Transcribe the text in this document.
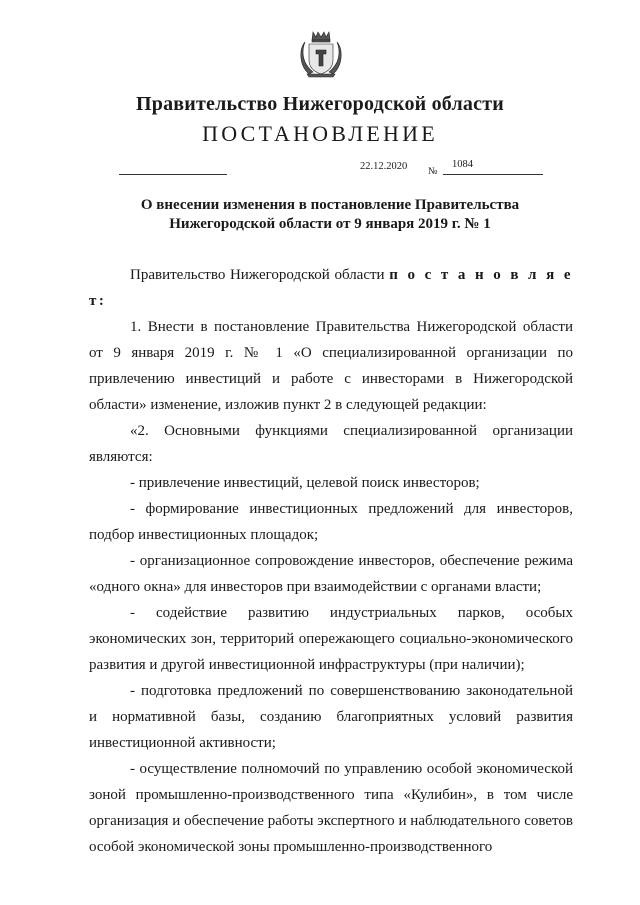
Правительство Нижегородской области
ПОСТАНОВЛЕНИЕ
22.12.2020 №
1084
О внесении изменения в постановление Правительства
Нижегородской области от 9 января 2019 г. № 1

Правительство Нижегородской области п о с т а н о в л я е т:

1. Внести в постановление Правительства Нижегородской области от 9 января 2019 г. № 1 «О специализированной организации по привлечению инвестиций и работе с инвесторами в Нижегородской области» изменение, изложив пункт 2 в следующей редакции:

«2. Основными функциями специализированной организации являются:

- привлечение инвестиций, целевой поиск инвесторов;

- формирование инвестиционных предложений для инвесторов, подбор инвестиционных площадок;

- организационное сопровождение инвесторов, обеспечение режима «одного окна» для инвесторов при взаимодействии с органами власти;

- содействие развитию индустриальных парков, особых экономических зон, территорий опережающего социально-экономического развития и другой инвестиционной инфраструктуры (при наличии);

- подготовка предложений по совершенствованию законодательной и нормативной базы, созданию благоприятных условий развития инвестиционной активности;

- осуществление полномочий по управлению особой экономической зоной промышленно-производственного типа «Кулибин», в том числе организация и обеспечение работы экспертного и наблюдательного советов особой экономической зоны промышленно-производственного
